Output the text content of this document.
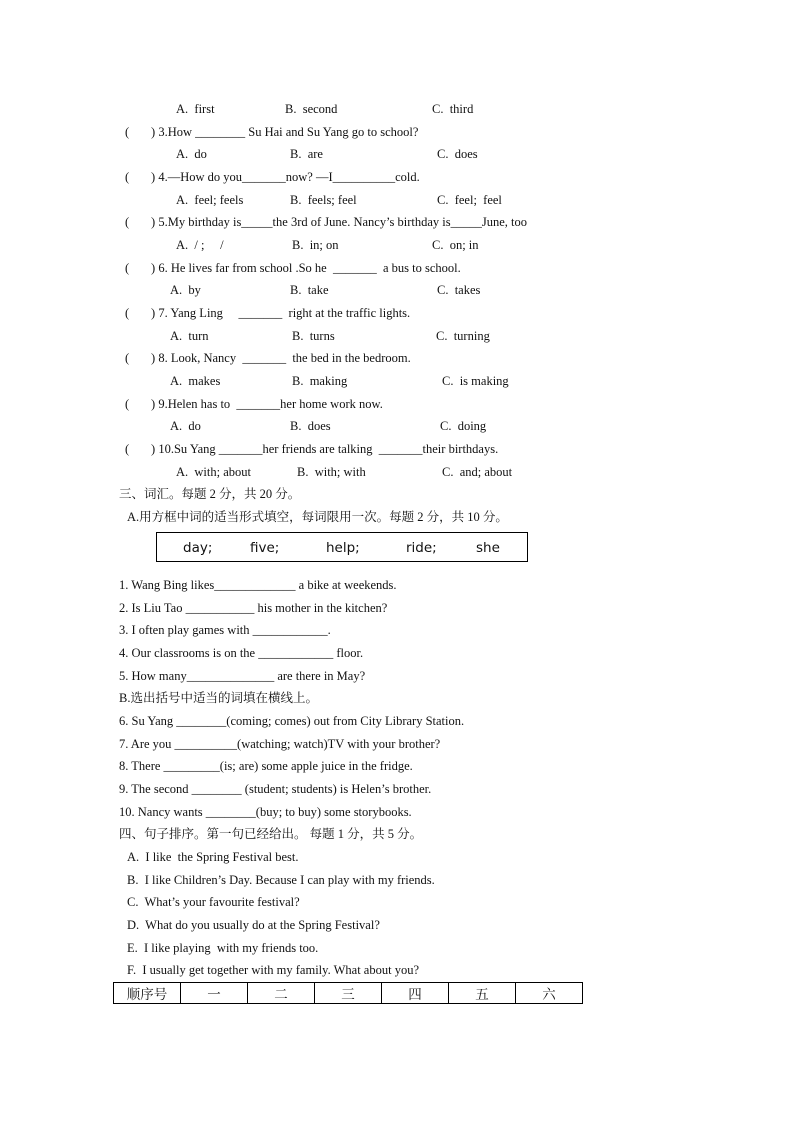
A.  first	B.  second	C.  third
(       ) 3.How ________ Su Hai and Su Yang go to school?
A.  do	B.  are	C.  does
(       ) 4.—How do you_______now? —I__________cold.
A.  feel; feels	B.  feels; feel	C.  feel;  feel
(       ) 5.My birthday is_____the 3rd of June. Nancy’s birthday is_____June, too
A.  / ;     /	B.  in; on	C.  on; in
(       ) 6. He lives far from school .So he  _______  a bus to school.
A.  by	B.  take	C.  takes
(       ) 7. Yang Ling     _______  right at the traffic lights.
A.  turn	B.  turns	C.  turning
(       ) 8. Look, Nancy  _______  the bed in the bedroom.
A.  makes	B.  making	C.  is making
(       ) 9.Helen has to  _______her home work now.
A.  do	B.  does	C.  doing
(       ) 10.Su Yang _______her friends are talking  _______their birthdays.
A.  with; about	B.  with; with	C.  and; about
三、词汇。每题 2 分，共 20 分。
A.用方框中词的适当形式填空，每词限用一次。每题 2 分，共 10 分。
day;	five;	help;	ride;	she
1. Wang Bing likes_____________ a bike at weekends.
2. Is Liu Tao ___________ his mother in the kitchen?
3. I often play games with ____________.
4. Our classrooms is on the ____________ floor.
5. How many______________ are there in May?
B.选出括号中适当的词填在横线上。
6. Su Yang ________(coming; comes) out from City Library Station.
7. Are you __________(watching; watch)TV with your brother?
8. There _________(is; are) some apple juice in the fridge.
9. The second ________ (student; students) is Helen’s brother.
10. Nancy wants ________(buy; to buy) some storybooks.
四、句子排序。第一句已经给出。 每题 1 分，共 5 分。
A.  I like  the Spring Festival best.
B.  I like Children’s Day. Because I can play with my friends.
C.  What’s your favourite festival?
D.  What do you usually do at the Spring Festival?
E.  I like playing  with my friends too.
F.  I usually get together with my family. What about you?
顺序号	一	二	三	四	五	六
